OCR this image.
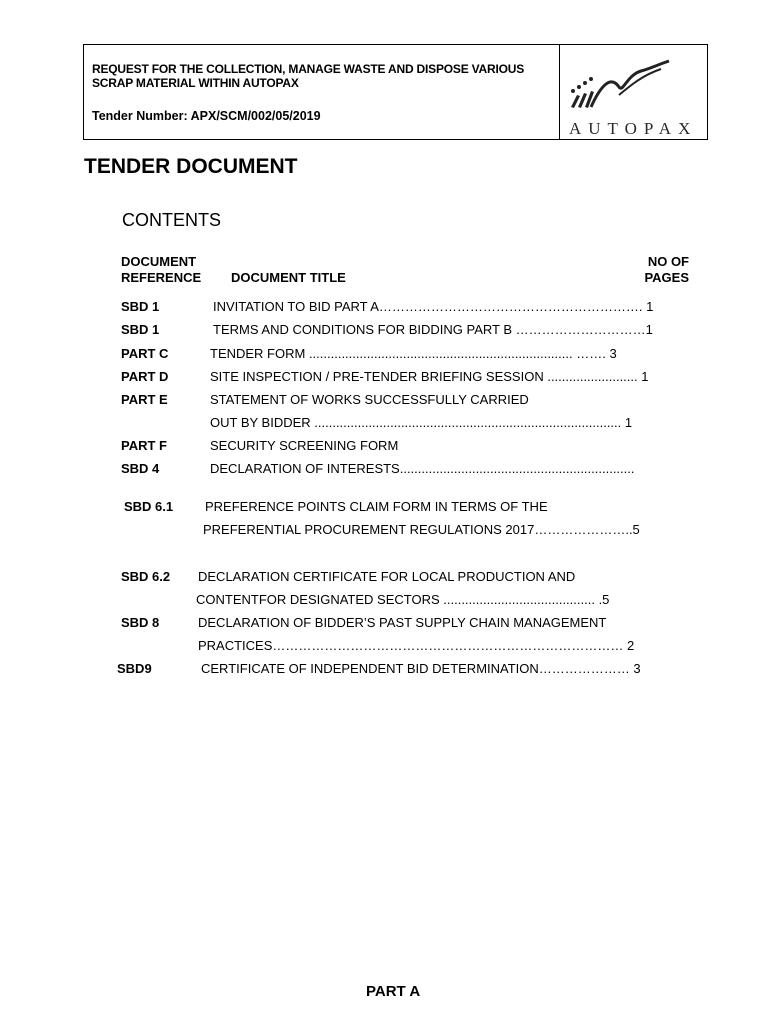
REQUEST FOR THE COLLECTION, MANAGE WASTE AND DISPOSE VARIOUS
SCRAP MATERIAL WITHIN AUTOPAX
Tender Number: APX/SCM/002/05/2019
AUTOPAX
TENDER DOCUMENT
CONTENTS
DOCUMENT
REFERENCE DOCUMENT TITLE
NO OF
PAGES
SBD 1	INVITATION TO BID PART A……………………………………………………. 1
SBD 1	TERMS AND CONDITIONS FOR BIDDING PART B …………………………1
PART C	TENDER FORM ......................................................................... ……. 3
PART D	SITE INSPECTION / PRE-TENDER BRIEFING SESSION ......................... 1
PART E	STATEMENT OF WORKS SUCCESSFULLY CARRIED
OUT BY BIDDER ..................................................................................... 1
PART F	SECURITY SCREENING FORM
SBD 4	DECLARATION OF INTERESTS.................................................................
SBD 6.1 PREFERENCE POINTS CLAIM FORM IN TERMS OF THE
PREFERENTIAL PROCUREMENT REGULATIONS 2017…………………..5
SBD 6.2 DECLARATION CERTIFICATE FOR LOCAL PRODUCTION AND
CONTENTFOR DESIGNATED SECTORS .......................................... .5
SBD 8	DECLARATION OF BIDDER’S PAST SUPPLY CHAIN MANAGEMENT
PRACTICES……………………………………………………………………… 2
SBD9	CERTIFICATE OF INDEPENDENT BID DETERMINATION………………… 3
PART A
